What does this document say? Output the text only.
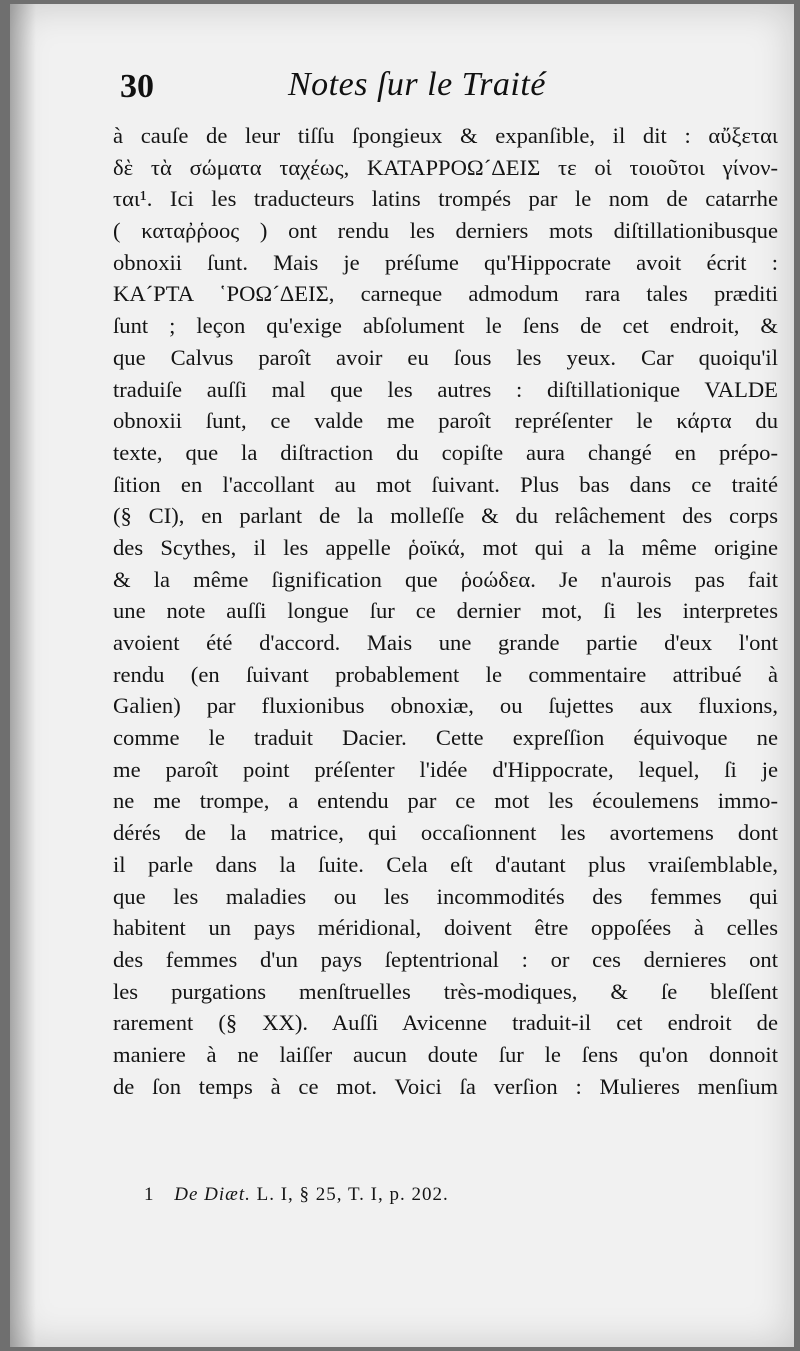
30	Notes ſur le Traité
à cauſe de leur tiſſu ſpongieux & expanſible, il dit : αὔξεται
δὲ τὰ σώματα ταχέως, ΚΑΤΑΡΡΟΩ´ΔΕΙΣ τε οἱ τοιοῦτοι γίνον-
ται¹. Ici les traducteurs latins trompés par le nom de catarrhe
( καταῤῥοος ) ont rendu les derniers mots diſtillationibusque
obnoxii ſunt. Mais je préſume qu'Hippocrate avoit écrit :
ΚΑ´ΡΤΑ ῾ΡΟΩ´ΔΕΙΣ, carneque admodum rara tales præditi
ſunt ; leçon qu'exige abſolument le ſens de cet endroit, &
que Calvus paroît avoir eu ſous les yeux. Car quoiqu'il
traduiſe auſſi mal que les autres : diſtillationique VALDE
obnoxii ſunt, ce valde me paroît repréſenter le κάρτα du
texte, que la diſtraction du copiſte aura changé en prépo-
ſition en l'accollant au mot ſuivant. Plus bas dans ce traité
(§ CI), en parlant de la molleſſe & du relâchement des corps
des Scythes, il les appelle ῥοϊκά, mot qui a la même origine
& la même ſignification que ῥοώδεα. Je n'aurois pas fait
une note auſſi longue ſur ce dernier mot, ſi les interpretes
avoient été d'accord. Mais une grande partie d'eux l'ont
rendu (en ſuivant probablement le commentaire attribué à
Galien) par fluxionibus obnoxiæ, ou ſujettes aux fluxions,
comme le traduit Dacier. Cette expreſſion équivoque ne
me paroît point préſenter l'idée d'Hippocrate, lequel, ſi je
ne me trompe, a entendu par ce mot les écoulemens immo-
dérés de la matrice, qui occaſionnent les avortemens dont
il parle dans la ſuite. Cela eſt d'autant plus vraiſemblable,
que les maladies ou les incommodités des femmes qui
habitent un pays méridional, doivent être oppoſées à celles
des femmes d'un pays ſeptentrional : or ces dernieres ont
les purgations menſtruelles très-modiques, & ſe bleſſent
rarement (§ XX). Auſſi Avicenne traduit-il cet endroit de
maniere à ne laiſſer aucun doute ſur le ſens qu'on donnoit
de ſon temps à ce mot. Voici ſa verſion : Mulieres menſium
1 De Diæt. L. I, § 25, T. I, p. 202.
